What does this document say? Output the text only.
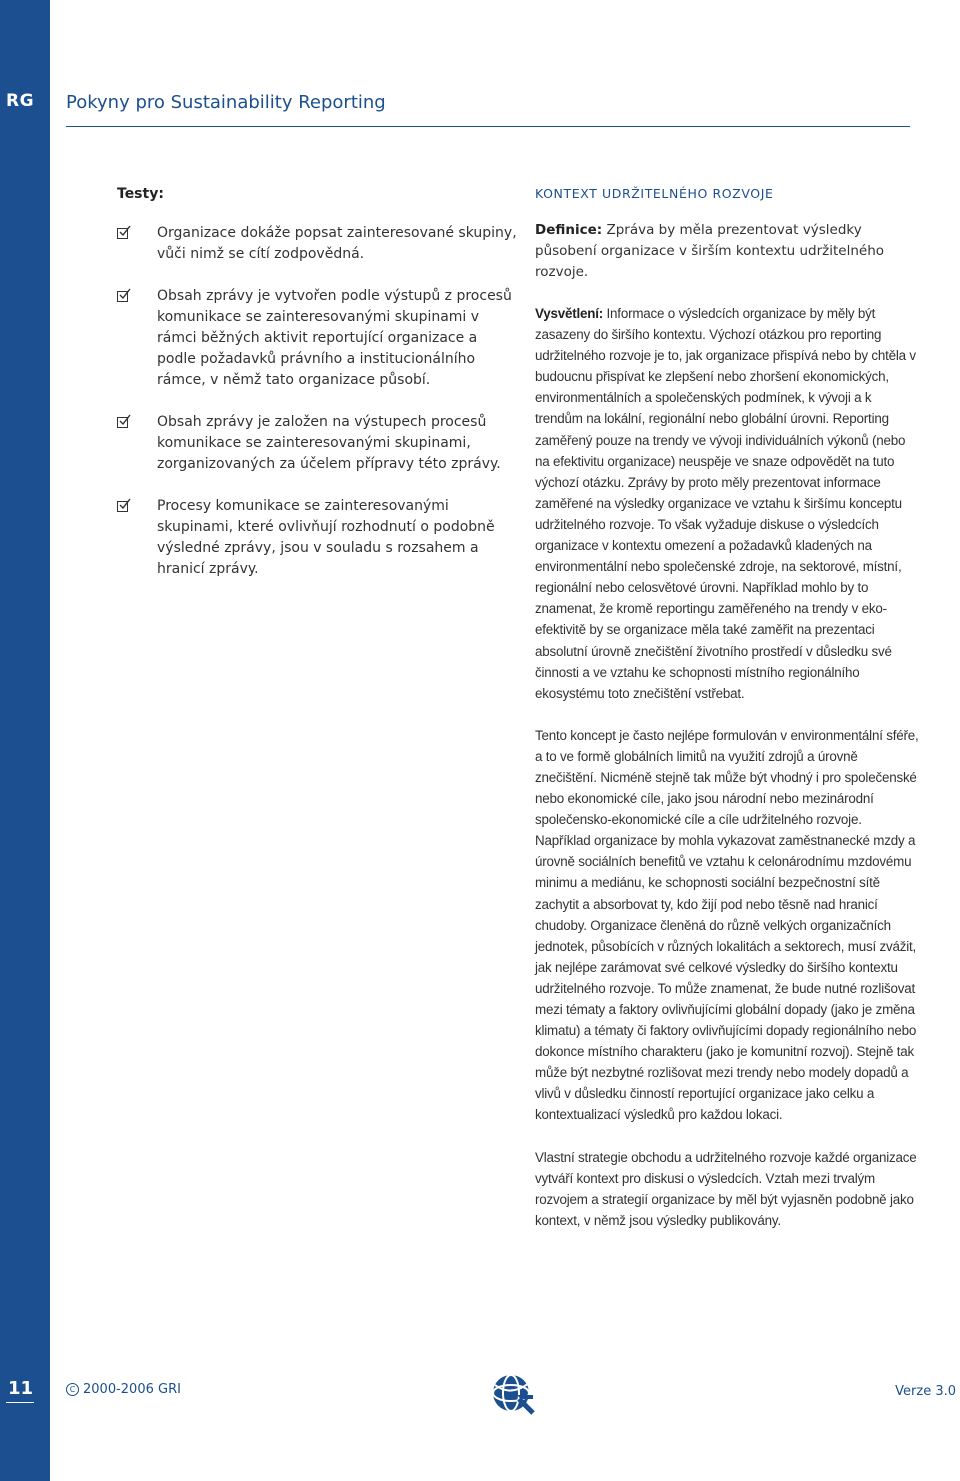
RG
11
Pokyny pro Sustainability Reporting
Testy:
Organizace dokáže popsat zainteresované skupiny, vůči nimž se cítí zodpovědná.
Obsah zprávy je vytvořen podle výstupů z procesů komunikace se zainteresovanými skupinami v rámci běžných aktivit reportující organizace a podle požadavků právního a institucionálního rámce, v němž tato organizace působí.
Obsah zprávy je založen na výstupech procesů komunikace se zainteresovanými skupinami, zorganizovaných za účelem přípravy této zprávy.
Procesy komunikace se zainteresovanými skupinami, které ovlivňují rozhodnutí o podobně výsledné zprávy, jsou v souladu s rozsahem a hranicí zprávy.
KONTEXT UDRŽITELNÉHO ROZVOJE

Definice: Zpráva by měla prezentovat výsledky působení organizace v širším kontextu udržitelného rozvoje.

Vysvětlení: Informace o výsledcích organizace by měly být zasazeny do širšího kontextu. Výchozí otázkou pro reporting udržitelného rozvoje je to, jak organizace přispívá nebo by chtěla v budoucnu přispívat ke zlepšení nebo zhoršení ekonomických, environmentálních a společenských podmínek, k vývoji a k trendům na lokální, regionální nebo globální úrovni. Reporting zaměřený pouze na trendy ve vývoji individuálních výkonů (nebo na efektivitu organizace) neuspěje ve snaze odpovědět na tuto výchozí otázku. Zprávy by proto měly prezentovat informace zaměřené na výsledky organizace ve vztahu k širšímu konceptu udržitelného rozvoje. To však vyžaduje diskuse o výsledcích organizace v kontextu omezení a požadavků kladených na environmentální nebo společenské zdroje, na sektorové, místní, regionální nebo celosvětové úrovni. Například mohlo by to znamenat, že kromě reportingu zaměřeného na trendy v eko-efektivitě by se organizace měla také zaměřit na prezentaci absolutní úrovně znečištění životního prostředí v důsledku své činnosti a ve vztahu ke schopnosti místního regionálního ekosystému toto znečištění vstřebat.

Tento koncept je často nejlépe formulován v environmentální sféře, a to ve formě globálních limitů na využití zdrojů a úrovně znečištění. Nicméně stejně tak může být vhodný i pro společenské nebo ekonomické cíle, jako jsou národní nebo mezinárodní společensko-ekonomické cíle a cíle udržitelného rozvoje. Například organizace by mohla vykazovat zaměstnanecké mzdy a úrovně sociálních benefitů ve vztahu k celonárodnímu mzdovému minimu a mediánu, ke schopnosti sociální bezpečnostní sítě zachytit a absorbovat ty, kdo žijí pod nebo těsně nad hranicí chudoby. Organizace členěná do různě velkých organizačních jednotek, působících v různých lokalitách a sektorech, musí zvážit, jak nejlépe zarámovat své celkové výsledky do širšího kontextu udržitelného rozvoje. To může znamenat, že bude nutné rozlišovat mezi tématy a faktory ovlivňujícími globální dopady (jako je změna klimatu) a tématy či faktory ovlivňujícími dopady regionálního nebo dokonce místního charakteru (jako je komunitní rozvoj). Stejně tak může být nezbytné rozlišovat mezi trendy nebo modely dopadů a vlivů v důsledku činností reportující organizace jako celku a kontextualizací výsledků pro každou lokaci.

Vlastní strategie obchodu a udržitelného rozvoje každé organizace vytváří kontext pro diskusi o výsledcích. Vztah mezi trvalým rozvojem a strategií organizace by měl být vyjasněn podobně jako kontext, v němž jsou výsledky publikovány.

C 2000-2006 GRI	Verze 3.0
